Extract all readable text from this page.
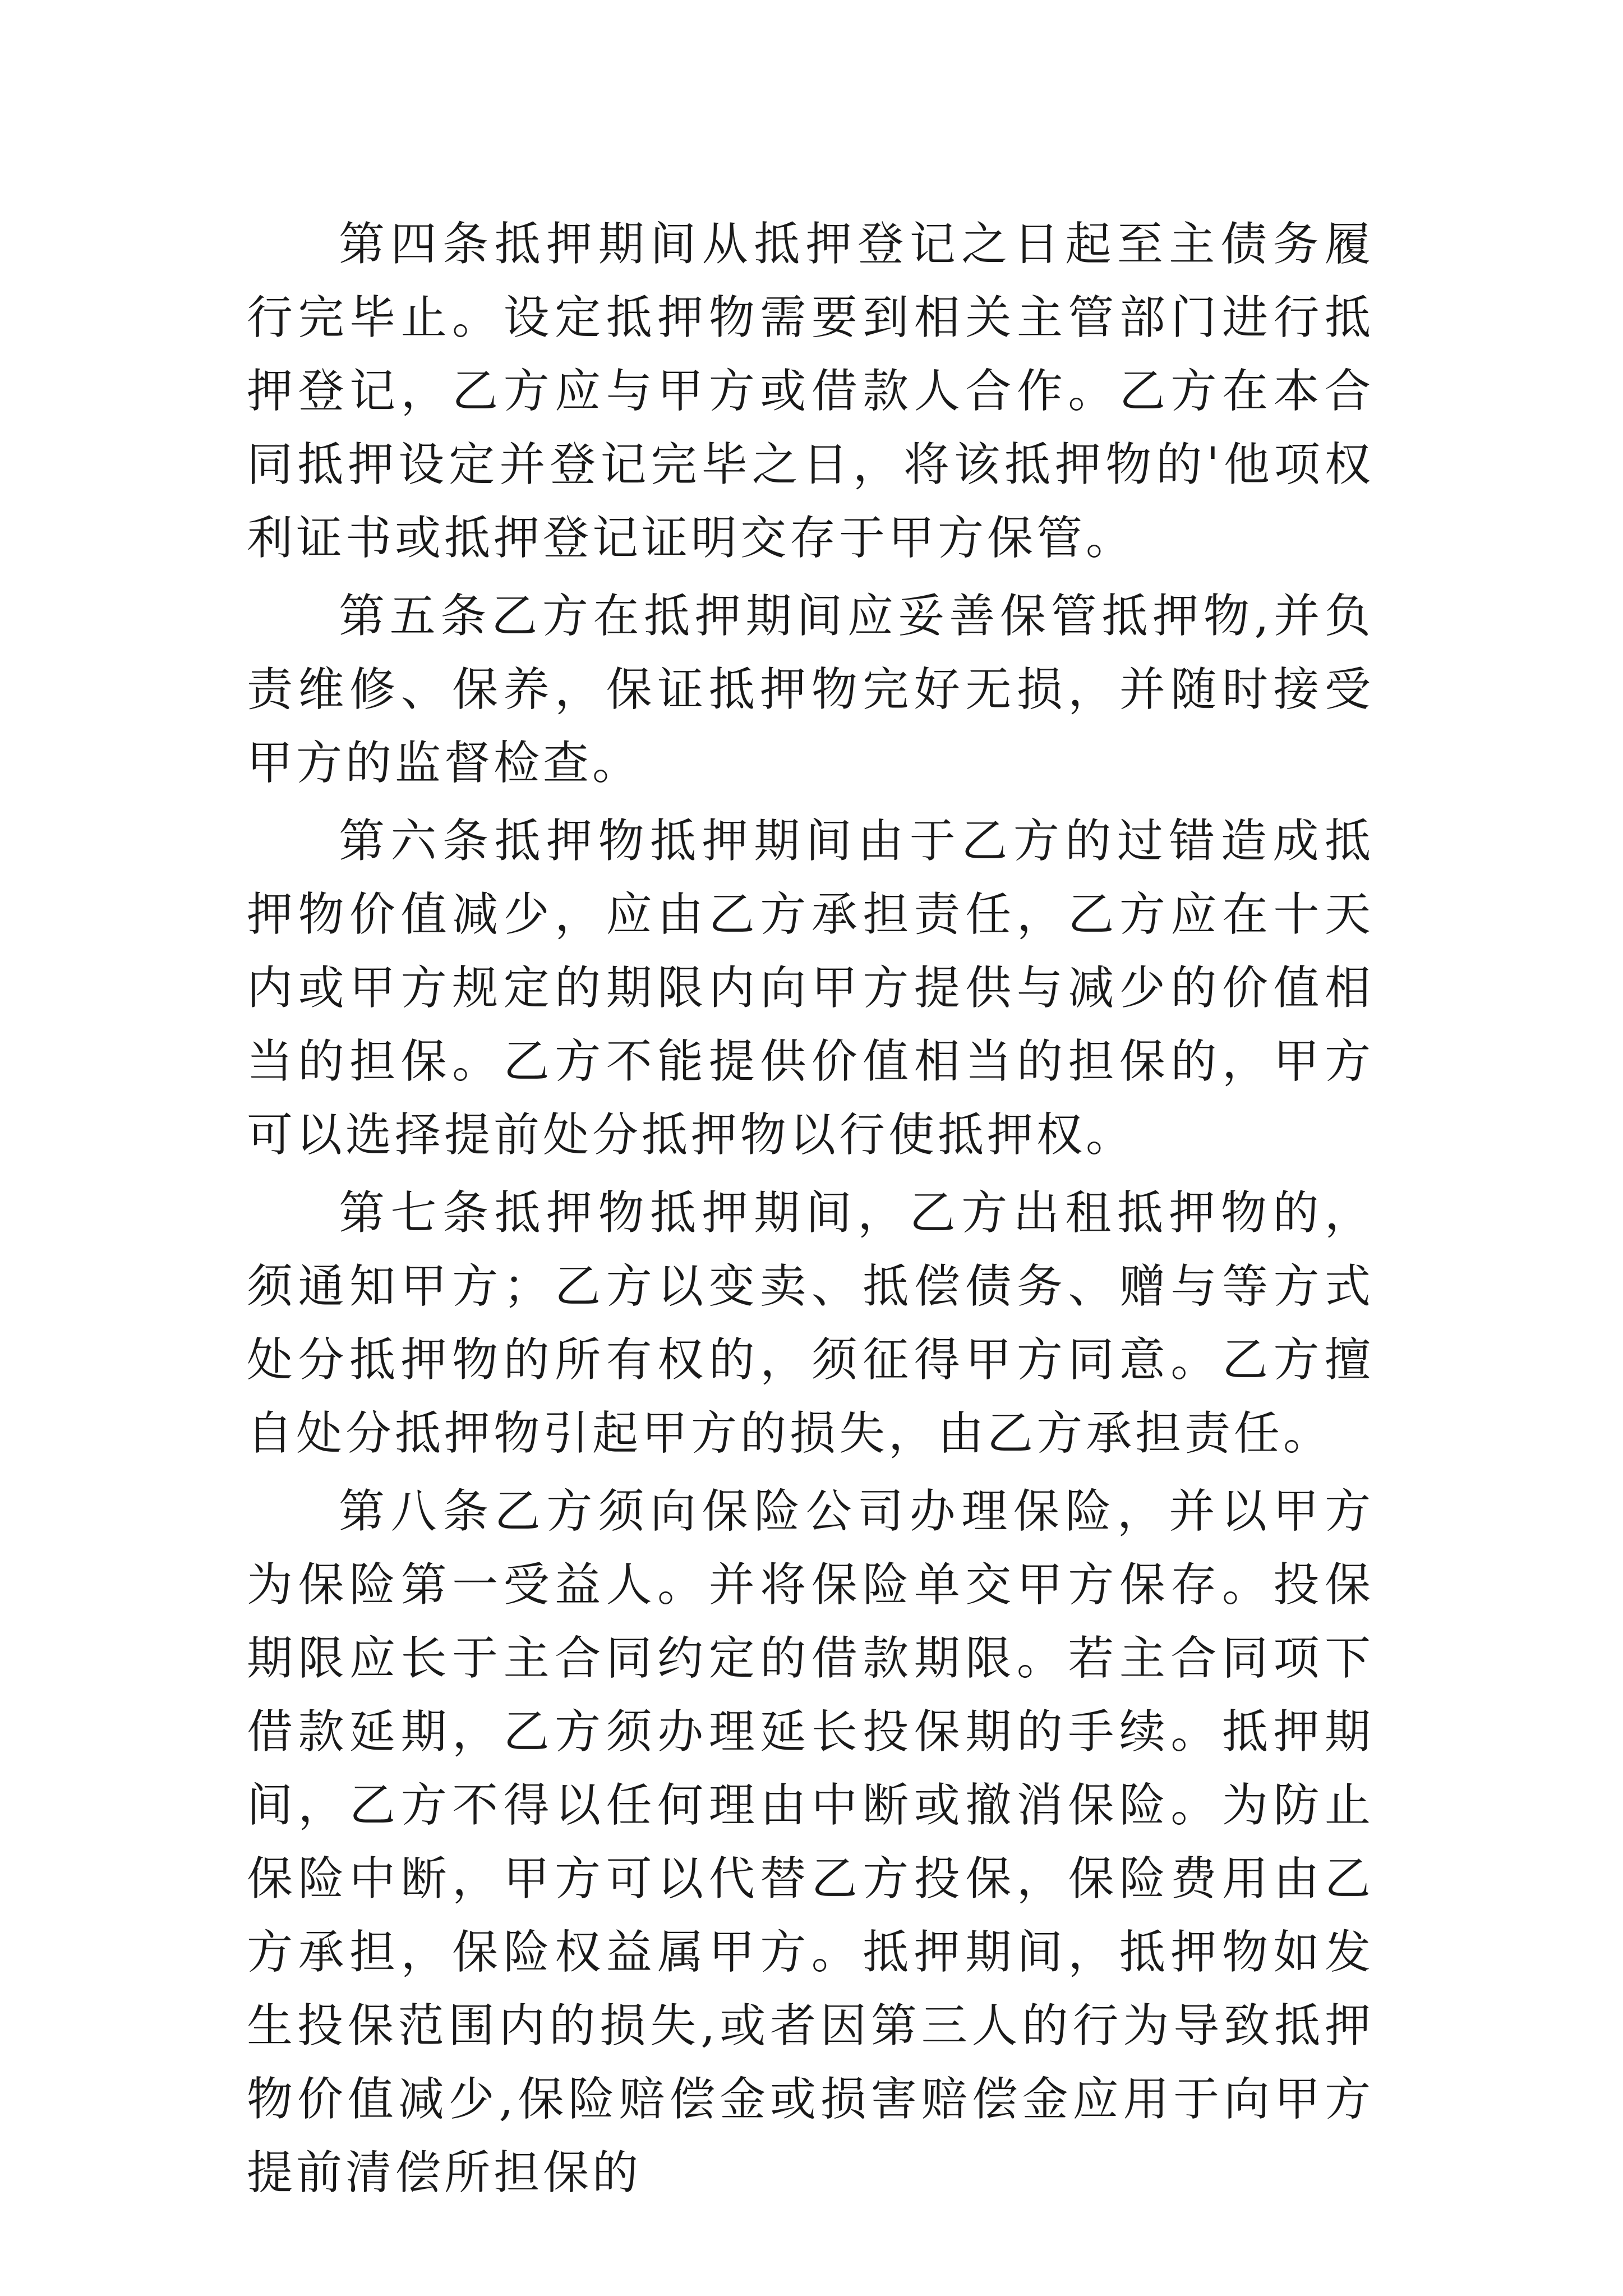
第四条抵押期间从抵押登记之日起至主债务履行完毕止。设定抵押物需要到相关主管部门进行抵押登记，乙方应与甲方或借款人合作。乙方在本合同抵押设定并登记完毕之日，将该抵押物的'他项权利证书或抵押登记证明交存于甲方保管。

第五条乙方在抵押期间应妥善保管抵押物,并负责维修、保养，保证抵押物完好无损，并随时接受甲方的监督检查。

第六条抵押物抵押期间由于乙方的过错造成抵押物价值减少，应由乙方承担责任，乙方应在十天内或甲方规定的期限内向甲方提供与减少的价值相当的担保。乙方不能提供价值相当的担保的，甲方可以选择提前处分抵押物以行使抵押权。

第七条抵押物抵押期间，乙方出租抵押物的，须通知甲方；乙方以变卖、抵偿债务、赠与等方式处分抵押物的所有权的，须征得甲方同意。乙方擅自处分抵押物引起甲方的损失，由乙方承担责任。

第八条乙方须向保险公司办理保险，并以甲方为保险第一受益人。并将保险单交甲方保存。投保期限应长于主合同约定的借款期限。若主合同项下借款延期，乙方须办理延长投保期的手续。抵押期间，乙方不得以任何理由中断或撤消保险。为防止保险中断，甲方可以代替乙方投保，保险费用由乙方承担，保险权益属甲方。抵押期间，抵押物如发生投保范围内的损失,或者因第三人的行为导致抵押物价值减少,保险赔偿金或损害赔偿金应用于向甲方提前清偿所担保的
